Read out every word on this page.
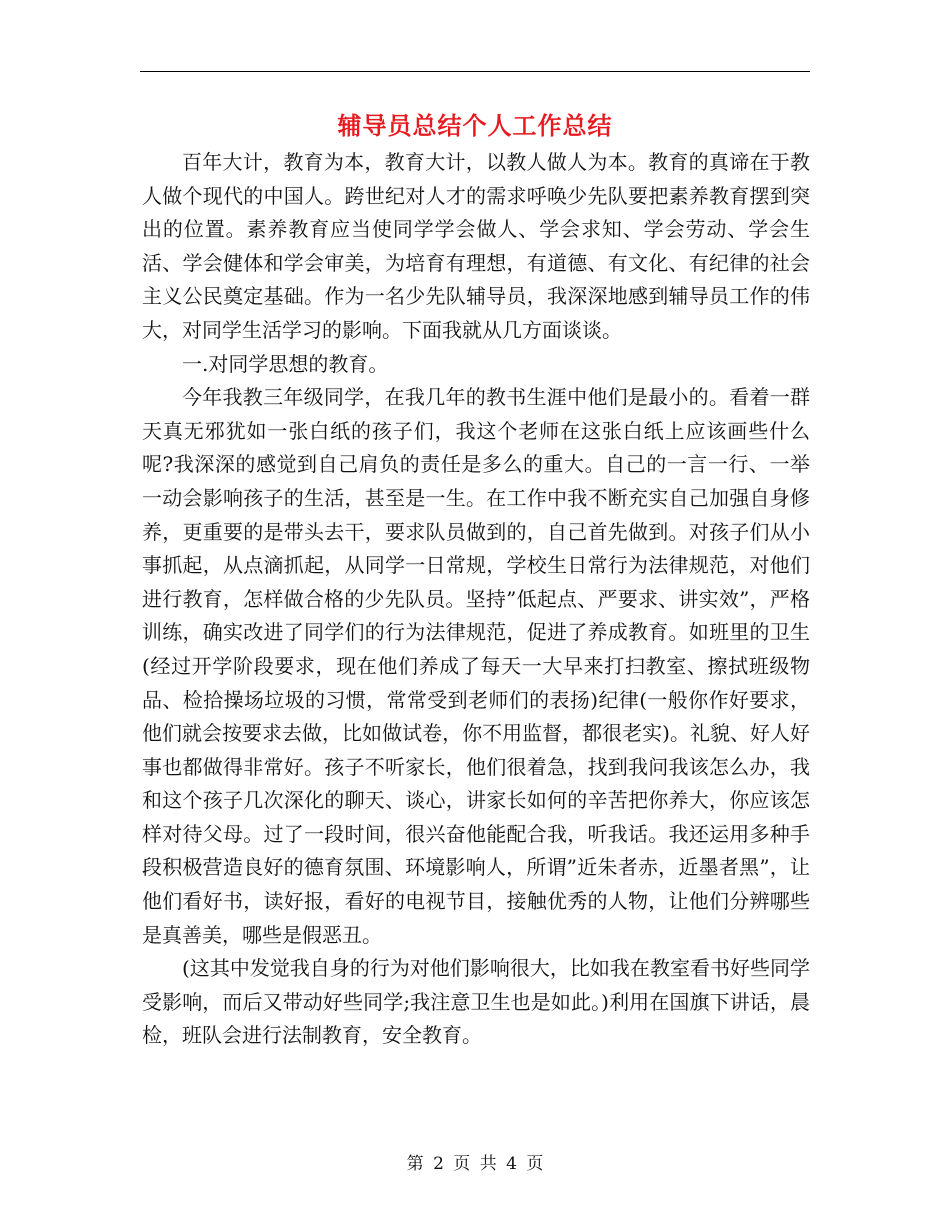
辅导员总结个人工作总结

百年大计，教育为本，教育大计，以教人做人为本。教育的真谛在于教人做个现代的中国人。跨世纪对人才的需求呼唤少先队要把素养教育摆到突出的位置。素养教育应当使同学学会做人、学会求知、学会劳动、学会生活、学会健体和学会审美，为培育有理想，有道德、有文化、有纪律的社会主义公民奠定基础。作为一名少先队辅导员，我深深地感到辅导员工作的伟大，对同学生活学习的影响。下面我就从几方面谈谈。

一.对同学思想的教育。

今年我教三年级同学，在我几年的教书生涯中他们是最小的。看着一群天真无邪犹如一张白纸的孩子们，我这个老师在这张白纸上应该画些什么呢?我深深的感觉到自己肩负的责任是多么的重大。自己的一言一行、一举一动会影响孩子的生活，甚至是一生。在工作中我不断充实自己加强自身修养，更重要的是带头去干，要求队员做到的，自己首先做到。对孩子们从小事抓起，从点滴抓起，从同学一日常规，学校生日常行为法律规范，对他们进行教育，怎样做合格的少先队员。坚持”低起点、严要求、讲实效”，严格训练，确实改进了同学们的行为法律规范，促进了养成教育。如班里的卫生(经过开学阶段要求，现在他们养成了每天一大早来打扫教室、擦拭班级物品、检拾操场垃圾的习惯，常常受到老师们的表扬)纪律(一般你作好要求，他们就会按要求去做，比如做试卷，你不用监督，都很老实)。礼貌、好人好事也都做得非常好。孩子不听家长，他们很着急，找到我问我该怎么办，我和这个孩子几次深化的聊天、谈心，讲家长如何的辛苦把你养大，你应该怎样对待父母。过了一段时间，很兴奋他能配合我，听我话。我还运用多种手段积极营造良好的德育氛围、环境影响人，所谓”近朱者赤，近墨者黑”，让他们看好书，读好报，看好的电视节目，接触优秀的人物，让他们分辨哪些是真善美，哪些是假恶丑。

(这其中发觉我自身的行为对他们影响很大，比如我在教室看书好些同学受影响，而后又带动好些同学;我注意卫生也是如此。)利用在国旗下讲话，晨检，班队会进行法制教育，安全教育。

第 2 页 共 4 页
